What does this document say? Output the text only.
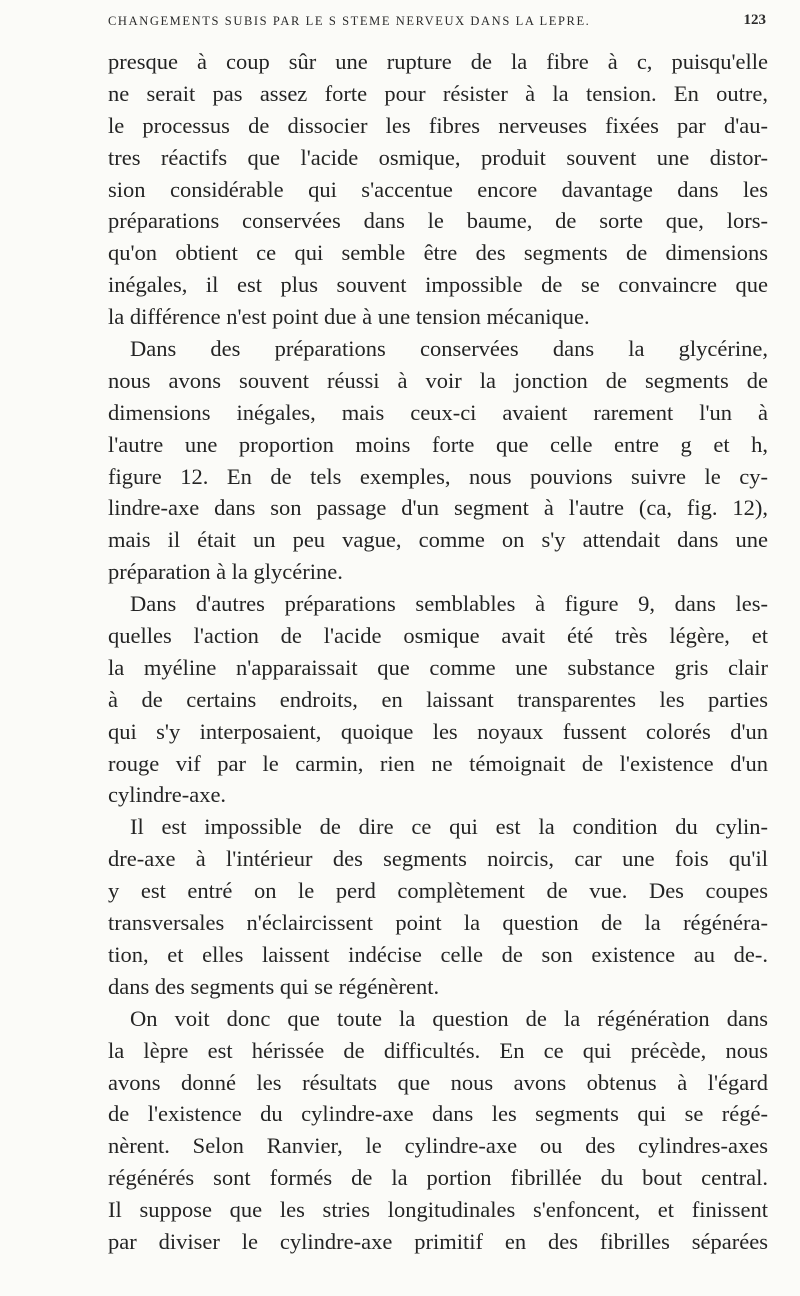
CHANGEMENTS SUBIS PAR LE S STEME NERVEUX DANS LA LEPRE.	123
presque à coup sûr une rupture de la fibre à c, puisqu'elle
ne serait pas assez forte pour résister à la tension. En outre,
le processus de dissocier les fibres nerveuses fixées par d'au-
tres réactifs que l'acide osmique, produit souvent une distor-
sion considérable qui s'accentue encore davantage dans les
préparations conservées dans le baume, de sorte que, lors-
qu'on obtient ce qui semble être des segments de dimensions
inégales, il est plus souvent impossible de se convaincre que
la différence n'est point due à une tension mécanique.
Dans des préparations conservées dans la glycérine,
nous avons souvent réussi à voir la jonction de segments de
dimensions inégales, mais ceux-ci avaient rarement l'un à
l'autre une proportion moins forte que celle entre g et h,
figure 12. En de tels exemples, nous pouvions suivre le cy-
lindre-axe dans son passage d'un segment à l'autre (ca, fig. 12),
mais il était un peu vague, comme on s'y attendait dans une
préparation à la glycérine.
Dans d'autres préparations semblables à figure 9, dans les-
quelles l'action de l'acide osmique avait été très légère, et
la myéline n'apparaissait que comme une substance gris clair
à de certains endroits, en laissant transparentes les parties
qui s'y interposaient, quoique les noyaux fussent colorés d'un
rouge vif par le carmin, rien ne témoignait de l'existence d'un
cylindre-axe.
Il est impossible de dire ce qui est la condition du cylin-
dre-axe à l'intérieur des segments noircis, car une fois qu'il
y est entré on le perd complètement de vue. Des coupes
transversales n'éclaircissent point la question de la régénéra-
tion, et elles laissent indécise celle de son existence au de-.
dans des segments qui se régénèrent.
On voit donc que toute la question de la régénération dans
la lèpre est hérissée de difficultés. En ce qui précède, nous
avons donné les résultats que nous avons obtenus à l'égard
de l'existence du cylindre-axe dans les segments qui se régé-
nèrent. Selon Ranvier, le cylindre-axe ou des cylindres-axes
régénérés sont formés de la portion fibrillée du bout central.
Il suppose que les stries longitudinales s'enfoncent, et finissent
par diviser le cylindre-axe primitif en des fibrilles séparées
